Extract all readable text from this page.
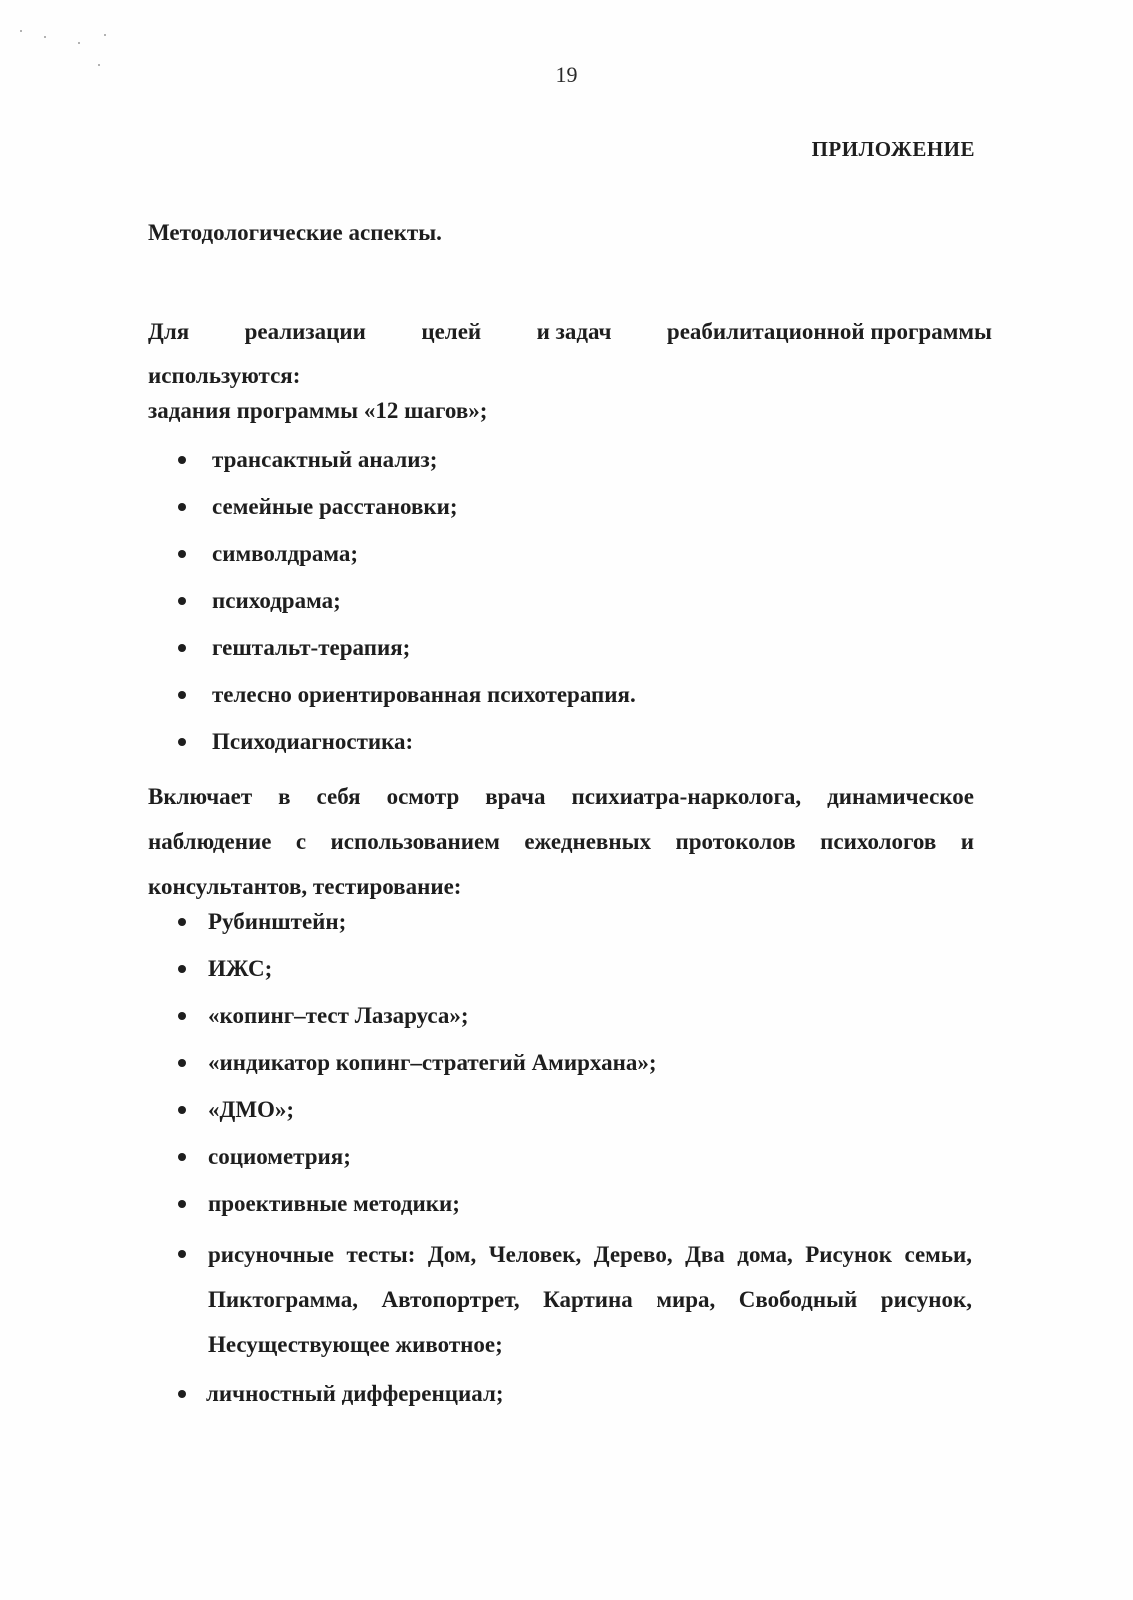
19
ПРИЛОЖЕНИЕ
Методологические аспекты.
Для реализации целей и задач реабилитационной программы
используются:
задания программы «12 шагов»;
трансактный анализ;
семейные расстановки;
символдрама;
психодрама;
гештальт-терапия;
телесно ориентированная психотерапия.
Психодиагностика:
Включает в себя осмотр врача психиатра-нарколога, динамическое наблюдение с использованием ежедневных протоколов психологов и консультантов, тестирование:
Рубинштейн;
ИЖС;
«копинг–тест Лазаруса»;
«индикатор копинг–стратегий Амирхана»;
«ДМО»;
социометрия;
проективные методики;
рисуночные тесты: Дом, Человек, Дерево, Два дома, Рисунок семьи, Пиктограмма, Автопортрет, Картина мира, Свободный рисунок, Несуществующее животное;
личностный дифференциал;
